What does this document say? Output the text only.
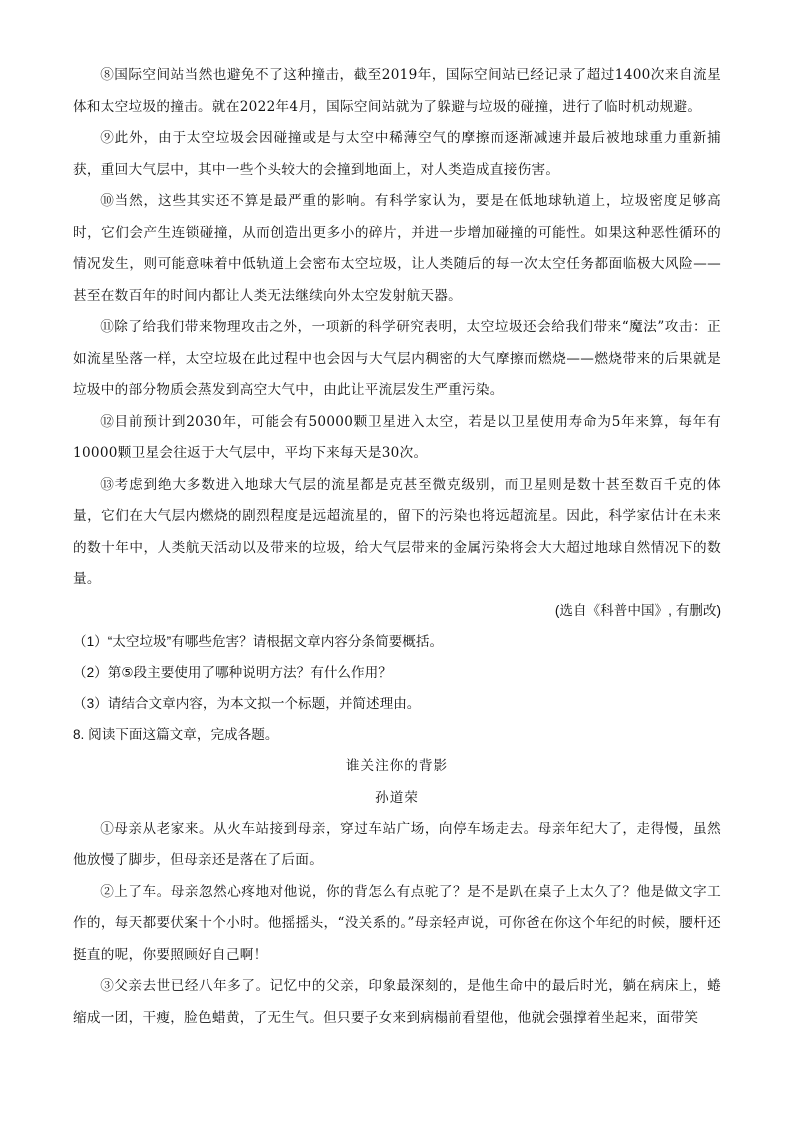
⑧国际空间站当然也避免不了这种撞击，截至2019年，国际空间站已经记录了超过1400次来自流星体和太空垃圾的撞击。就在2022年4月，国际空间站就为了躲避与垃圾的碰撞，进行了临时机动规避。

⑨此外，由于太空垃圾会因碰撞或是与太空中稀薄空气的摩擦而逐渐减速并最后被地球重力重新捕获，重回大气层中，其中一些个头较大的会撞到地面上，对人类造成直接伤害。

⑩当然，这些其实还不算是最严重的影响。有科学家认为，要是在低地球轨道上，垃圾密度足够高时，它们会产生连锁碰撞，从而创造出更多小的碎片，并进一步增加碰撞的可能性。如果这种恶性循环的情况发生，则可能意味着中低轨道上会密布太空垃圾，让人类随后的每一次太空任务都面临极大风险——甚至在数百年的时间内都让人类无法继续向外太空发射航天器。

⑪除了给我们带来物理攻击之外，一项新的科学研究表明，太空垃圾还会给我们带来“魔法”攻击：正如流星坠落一样，太空垃圾在此过程中也会因与大气层内稠密的大气摩擦而燃烧——燃烧带来的后果就是垃圾中的部分物质会蒸发到高空大气中，由此让平流层发生严重污染。

⑫目前预计到2030年，可能会有50000颗卫星进入太空，若是以卫星使用寿命为5年来算，每年有10000颗卫星会往返于大气层中，平均下来每天是30次。

⑬考虑到绝大多数进入地球大气层的流星都是克甚至微克级别，而卫星则是数十甚至数百千克的体量，它们在大气层内燃烧的剧烈程度是远超流星的，留下的污染也将远超流星。因此，科学家估计在未来的数十年中，人类航天活动以及带来的垃圾，给大气层带来的金属污染将会大大超过地球自然情况下的数量。

(选自《科普中国》, 有删改)

（1）“太空垃圾”有哪些危害？请根据文章内容分条简要概括。

（2）第⑤段主要使用了哪种说明方法？有什么作用？

（3）请结合文章内容，为本文拟一个标题，并简述理由。

8. 阅读下面这篇文章，完成各题。

谁关注你的背影

孙道荣

①母亲从老家来。从火车站接到母亲，穿过车站广场，向停车场走去。母亲年纪大了，走得慢，虽然他放慢了脚步，但母亲还是落在了后面。

②上了车。母亲忽然心疼地对他说，你的背怎么有点驼了？是不是趴在桌子上太久了？他是做文字工作的，每天都要伏案十个小时。他摇摇头，“没关系的。”母亲轻声说，可你爸在你这个年纪的时候，腰杆还挺直的呢，你要照顾好自己啊！

③父亲去世已经八年多了。记忆中的父亲，印象最深刻的，是他生命中的最后时光，躺在病床上，蜷缩成一团，干瘦，脸色蜡黄，了无生气。但只要子女来到病榻前看望他，他就会强撑着坐起来，面带笑
